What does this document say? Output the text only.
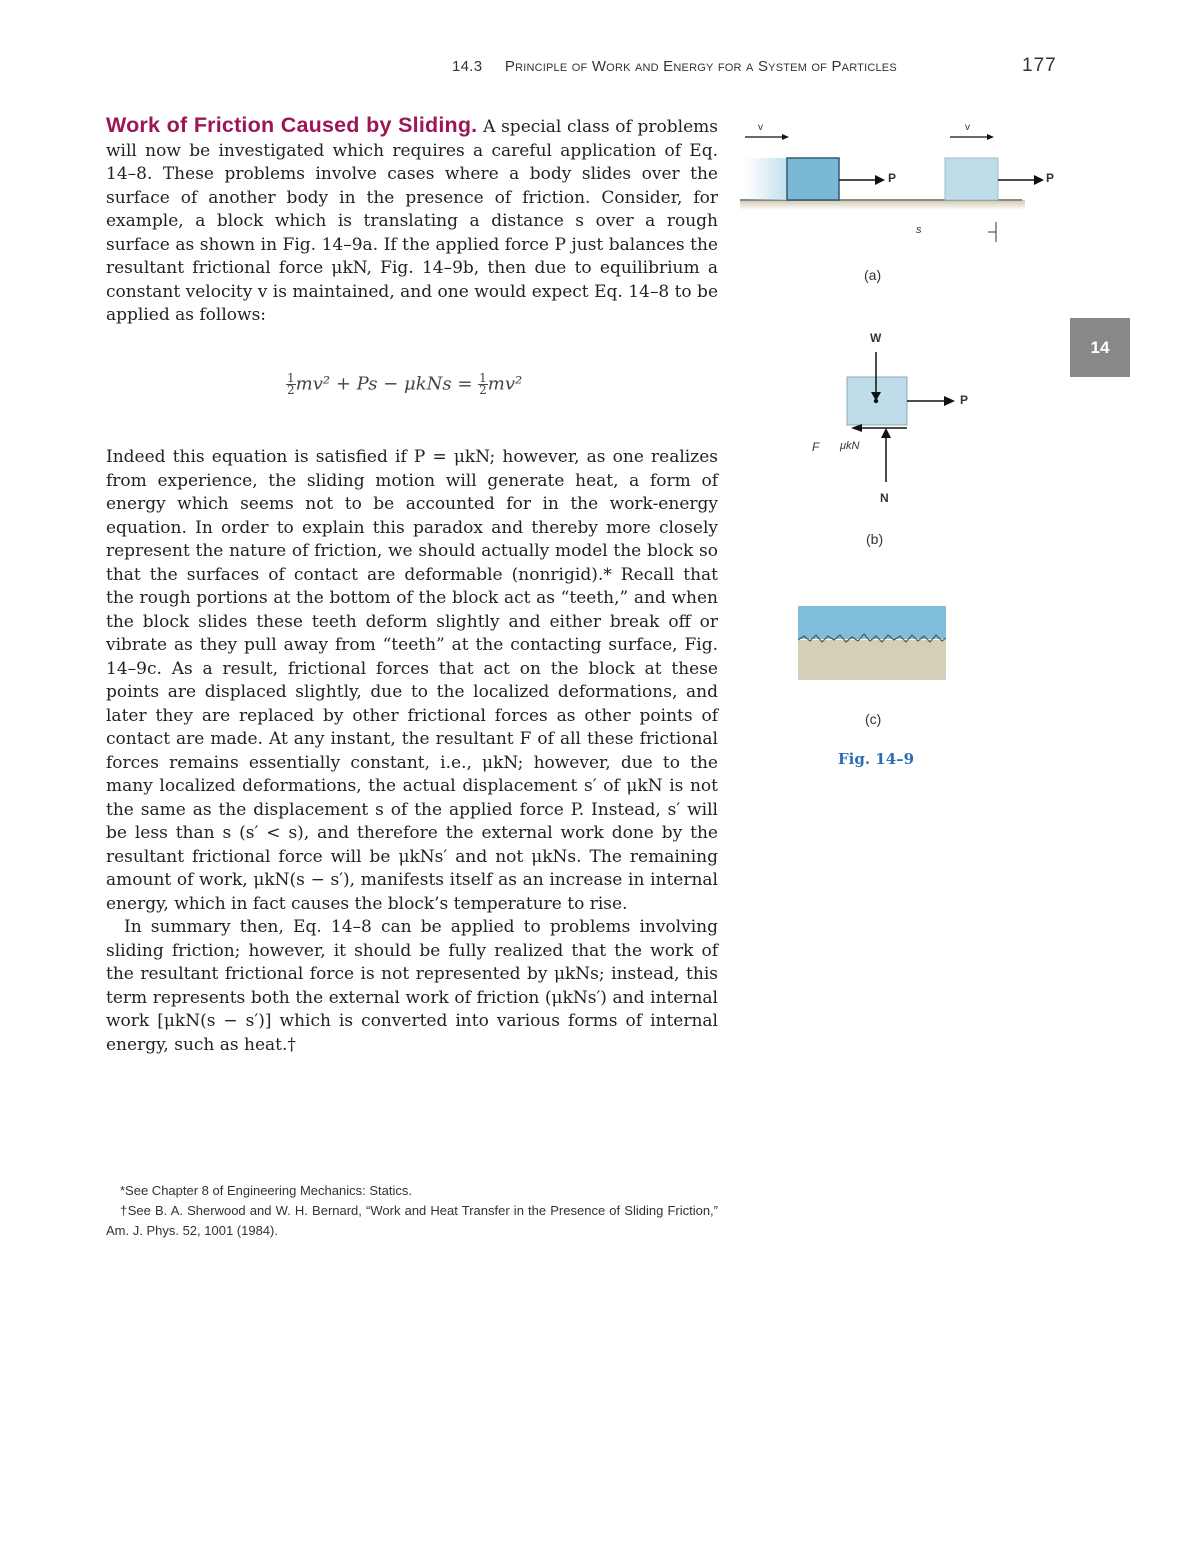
14.3 Principle of Work and Energy for a System of Particles	177
14

Work of Friction Caused by Sliding. A special class of problems will now be investigated which requires a careful application of Eq. 14–8. These problems involve cases where a body slides over the surface of another body in the presence of friction. Consider, for example, a block which is translating a distance s over a rough surface as shown in Fig. 14–9a. If the applied force P just balances the resultant frictional force μkN, Fig. 14–9b, then due to equilibrium a constant velocity v is maintained, and one would expect Eq. 14–8 to be applied as follows:

$\frac{1}{2} mv^2 + Ps - \mu kNs = \frac{1}{2} mv^2$

Indeed this equation is satisfied if P = μkN; however, as one realizes from experience, the sliding motion will generate heat, a form of energy which seems not to be accounted for in the work-energy equation. In order to explain this paradox and thereby more closely represent the nature of friction, we should actually model the block so that the surfaces of contact are deformable (nonrigid).* Recall that the rough portions at the bottom of the block act as “teeth,” and when the block slides these teeth deform slightly and either break off or vibrate as they pull away from “teeth” at the contacting surface, Fig. 14–9c. As a result, frictional forces that act on the block at these points are displaced slightly, due to the localized deformations, and later they are replaced by other frictional forces as other points of contact are made. At any instant, the resultant F of all these frictional forces remains essentially constant, i.e., μkN; however, due to the many localized deformations, the actual displacement s′ of μkN is not the same as the displacement s of the applied force P. Instead, s′ will be less than s (s′ < s), and therefore the external work done by the resultant frictional force will be μkNs′ and not μkNs. The remaining amount of work, μkN(s − s′), manifests itself as an increase in internal energy, which in fact causes the block’s temperature to rise.

In summary then, Eq. 14–8 can be applied to problems involving sliding friction; however, it should be fully realized that the work of the resultant frictional force is not represented by μkNs; instead, this term represents both the external work of friction (μkNs′) and internal work [μkN(s − s′)] which is converted into various forms of internal energy, such as heat.†

*See Chapter 8 of Engineering Mechanics: Statics.

†See B. A. Sherwood and W. H. Bernard, “Work and Heat Transfer in the Presence of Sliding Friction,” Am. J. Phys. 52, 1001 (1984).

v	v
P	P
s
(a)
W
P
F μkN
N
(b)
(c)
Fig. 14–9
